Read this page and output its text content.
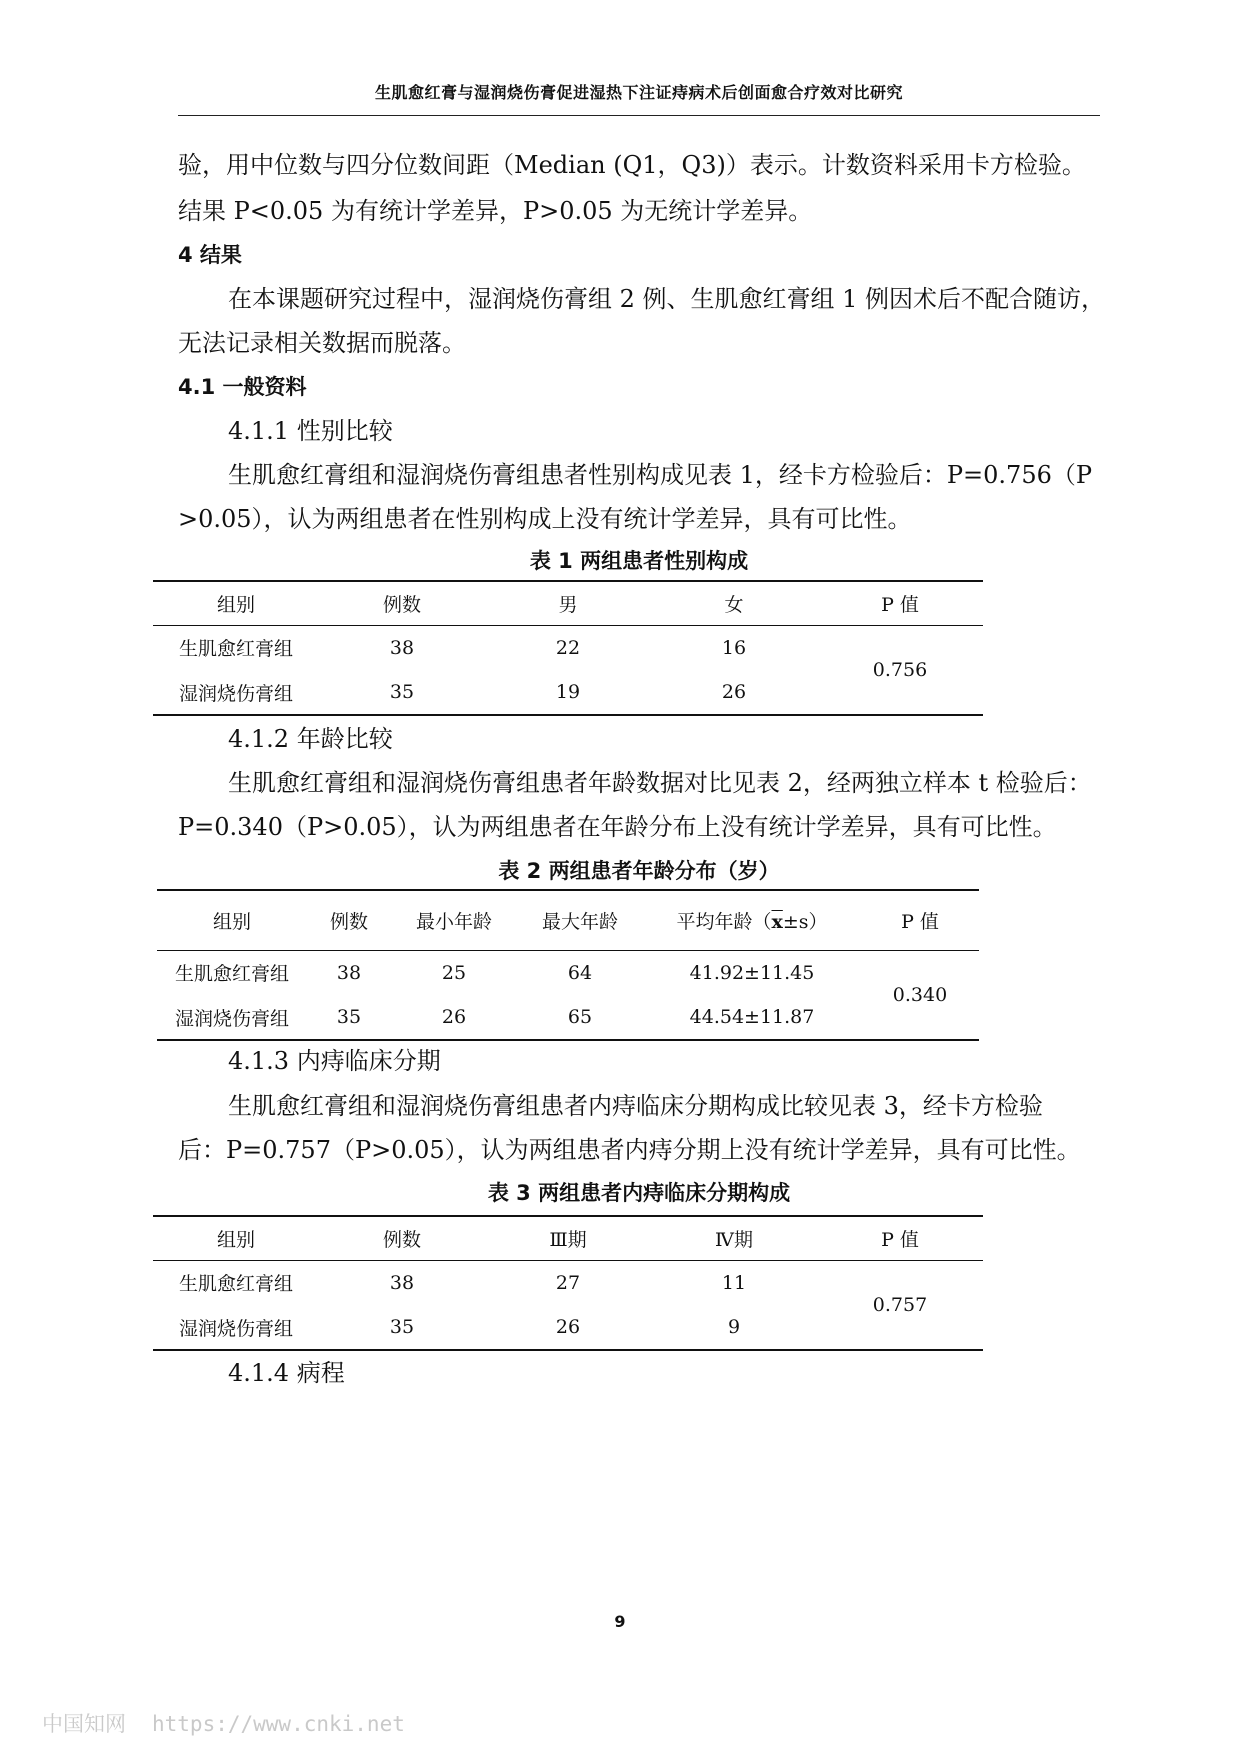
生肌愈红膏与湿润烧伤膏促进湿热下注证痔病术后创面愈合疗效对比研究
验，用中位数与四分位数间距（Median (Q1，Q3)）表示。计数资料采用卡方检验。
结果 P<0.05 为有统计学差异，P>0.05 为无统计学差异。
4 结果
在本课题研究过程中，湿润烧伤膏组 2 例、生肌愈红膏组 1 例因术后不配合随访，
无法记录相关数据而脱落。
4.1 一般资料
4.1.1 性别比较
生肌愈红膏组和湿润烧伤膏组患者性别构成见表 1，经卡方检验后：P=0.756（P
>0.05），认为两组患者在性别构成上没有统计学差异，具有可比性。
表 1 两组患者性别构成
组别	例数	男	女	P 值
生肌愈红膏组	38	22	16	0.756
湿润烧伤膏组	35	19	26	
4.1.2 年龄比较
生肌愈红膏组和湿润烧伤膏组患者年龄数据对比见表 2，经两独立样本 t 检验后：
P=0.340（P>0.05），认为两组患者在年龄分布上没有统计学差异，具有可比性。
表 2 两组患者年龄分布（岁）
组别	例数	最小年龄	最大年龄	平均年龄$(\overline{x}\pm s)$	P 值
生肌愈红膏组	38	25	64	41.92±11.45	0.340
湿润烧伤膏组	35	26	65	44.54±11.87	
4.1.3 内痔临床分期
生肌愈红膏组和湿润烧伤膏组患者内痔临床分期构成比较见表 3，经卡方检验
后：P=0.757（P>0.05），认为两组患者内痔分期上没有统计学差异，具有可比性。
表 3 两组患者内痔临床分期构成
组别	例数	Ⅲ期	Ⅳ期	P 值
生肌愈红膏组	38	27	11	0.757
湿润烧伤膏组	35	26	9	
4.1.4 病程
9
中国知网 https://www.cnki.net
